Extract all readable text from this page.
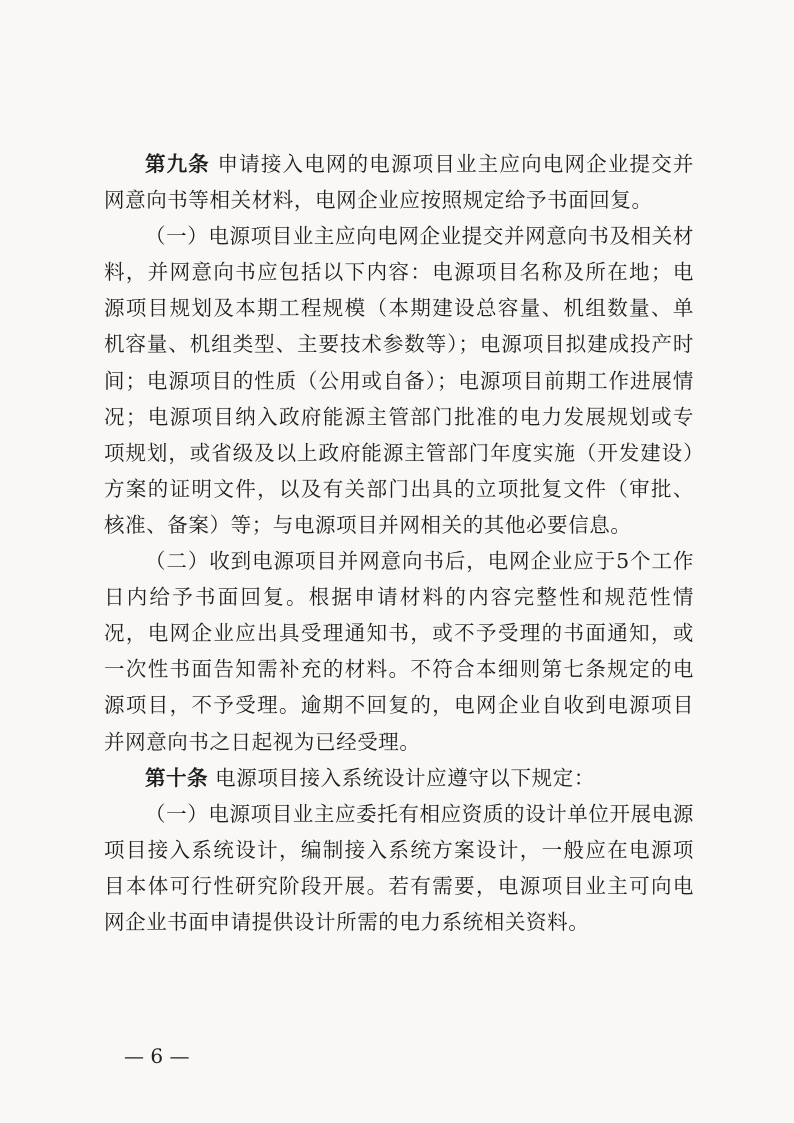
第九条 申请接入电网的电源项目业主应向电网企业提交并网意向书等相关材料，电网企业应按照规定给予书面回复。

（一）电源项目业主应向电网企业提交并网意向书及相关材料，并网意向书应包括以下内容：电源项目名称及所在地；电源项目规划及本期工程规模（本期建设总容量、机组数量、单机容量、机组类型、主要技术参数等）；电源项目拟建成投产时间；电源项目的性质（公用或自备）；电源项目前期工作进展情况；电源项目纳入政府能源主管部门批准的电力发展规划或专项规划，或省级及以上政府能源主管部门年度实施（开发建设）方案的证明文件，以及有关部门出具的立项批复文件（审批、核准、备案）等；与电源项目并网相关的其他必要信息。

（二）收到电源项目并网意向书后，电网企业应于5个工作日内给予书面回复。根据申请材料的内容完整性和规范性情况，电网企业应出具受理通知书，或不予受理的书面通知，或一次性书面告知需补充的材料。不符合本细则第七条规定的电源项目，不予受理。逾期不回复的，电网企业自收到电源项目并网意向书之日起视为已经受理。

第十条 电源项目接入系统设计应遵守以下规定：

（一）电源项目业主应委托有相应资质的设计单位开展电源项目接入系统设计，编制接入系统方案设计，一般应在电源项目本体可行性研究阶段开展。若有需要，电源项目业主可向电网企业书面申请提供设计所需的电力系统相关资料。

— 6 —
